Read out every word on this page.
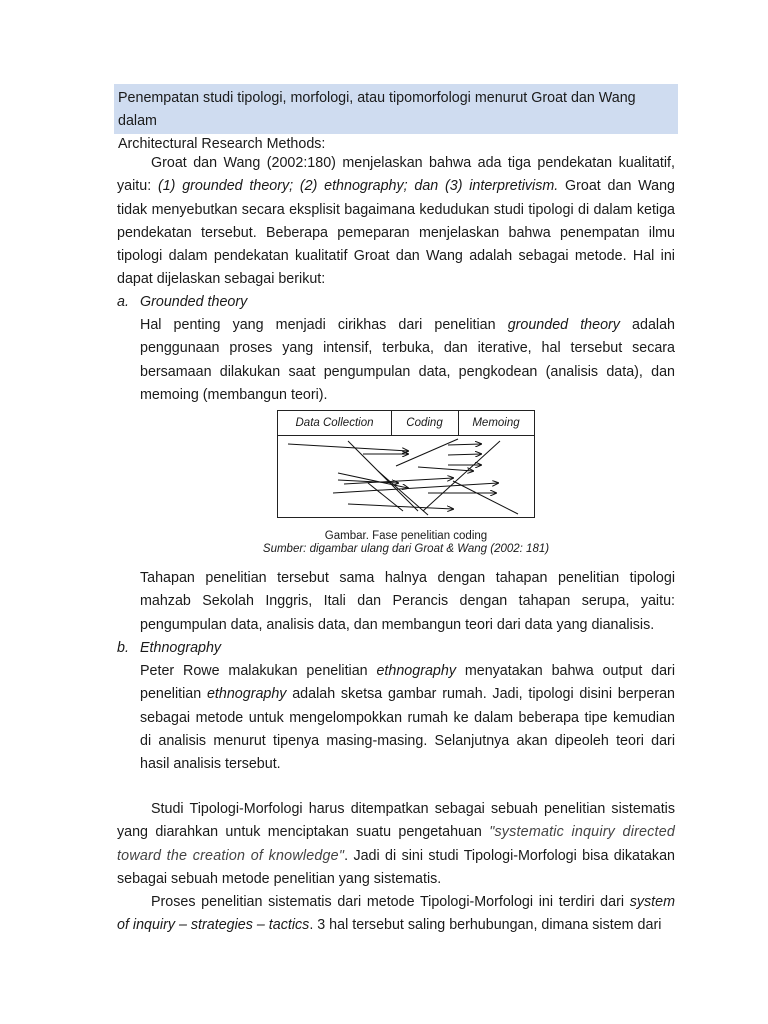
Penempatan studi tipologi, morfologi, atau tipomorfologi menurut Groat dan Wang dalam
Architectural Research Methods:
Groat dan Wang (2002:180) menjelaskan bahwa ada tiga pendekatan kualitatif, yaitu: (1) grounded theory; (2) ethnography; dan (3) interpretivism. Groat dan Wang tidak menyebutkan secara eksplisit bagaimana kedudukan studi tipologi di dalam ketiga pendekatan tersebut. Beberapa pemeparan menjelaskan bahwa penempatan ilmu tipologi dalam pendekatan kualitatif Groat dan Wang adalah sebagai metode. Hal ini dapat dijelaskan sebagai berikut:
a. Grounded theory
Hal penting yang menjadi cirikhas dari penelitian grounded theory adalah penggunaan proses yang intensif, terbuka, dan iterative, hal tersebut secara bersamaan dilakukan saat pengumpulan data, pengkodean (analisis data), dan memoing (membangun teori).
Data Collection	Coding	Memoing
Gambar. Fase penelitian coding
Sumber: digambar ulang dari Groat & Wang (2002: 181)
Tahapan penelitian tersebut sama halnya dengan tahapan penelitian tipologi mahzab Sekolah Inggris, Itali dan Perancis dengan tahapan serupa, yaitu: pengumpulan data, analisis data, dan membangun teori dari data yang dianalisis.
b. Ethnography
Peter Rowe malakukan penelitian ethnography menyatakan bahwa output dari penelitian ethnography adalah sketsa gambar rumah. Jadi, tipologi disini berperan sebagai metode untuk mengelompokkan rumah ke dalam beberapa tipe kemudian di analisis menurut tipenya masing-masing. Selanjutnya akan dipeoleh teori dari hasil analisis tersebut.
Studi Tipologi-Morfologi harus ditempatkan sebagai sebuah penelitian sistematis yang diarahkan untuk menciptakan suatu pengetahuan "systematic inquiry directed toward the creation of knowledge". Jadi di sini studi Tipologi-Morfologi bisa dikatakan sebagai sebuah metode penelitian yang sistematis.
Proses penelitian sistematis dari metode Tipologi-Morfologi ini terdiri dari system of inquiry – strategies – tactics. 3 hal tersebut saling berhubungan, dimana sistem dari
